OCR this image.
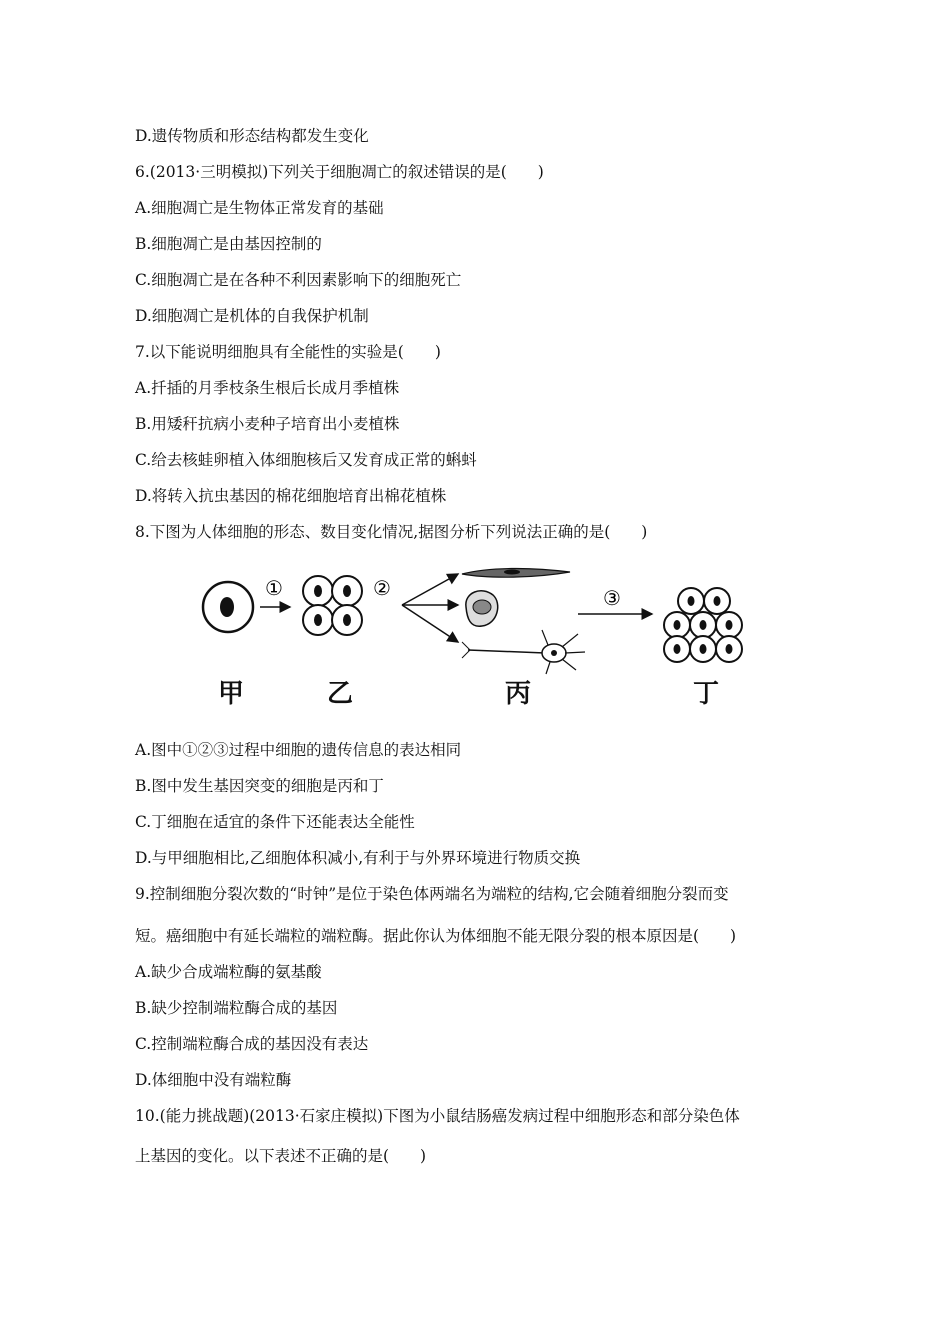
D.遗传物质和形态结构都发生变化
6.(2013·三明模拟)下列关于细胞凋亡的叙述错误的是(　　)
A.细胞凋亡是生物体正常发育的基础
B.细胞凋亡是由基因控制的
C.细胞凋亡是在各种不利因素影响下的细胞死亡
D.细胞凋亡是机体的自我保护机制
7.以下能说明细胞具有全能性的实验是(　　)
A.扦插的月季枝条生根后长成月季植株
B.用矮秆抗病小麦种子培育出小麦植株
C.给去核蛙卵植入体细胞核后又发育成正常的蝌蚪
D.将转入抗虫基因的棉花细胞培育出棉花植株
8.下图为人体细胞的形态、数目变化情况,据图分析下列说法正确的是(　　)
①	②	③
甲	乙	丙	丁
A.图中①②③过程中细胞的遗传信息的表达相同
B.图中发生基因突变的细胞是丙和丁
C.丁细胞在适宜的条件下还能表达全能性
D.与甲细胞相比,乙细胞体积减小,有利于与外界环境进行物质交换
9.控制细胞分裂次数的“时钟”是位于染色体两端名为端粒的结构,它会随着细胞分裂而变
短。癌细胞中有延长端粒的端粒酶。据此你认为体细胞不能无限分裂的根本原因是(　　)
A.缺少合成端粒酶的氨基酸
B.缺少控制端粒酶合成的基因
C.控制端粒酶合成的基因没有表达
D.体细胞中没有端粒酶
10.(能力挑战题)(2013·石家庄模拟)下图为小鼠结肠癌发病过程中细胞形态和部分染色体
上基因的变化。以下表述不正确的是(　　)
